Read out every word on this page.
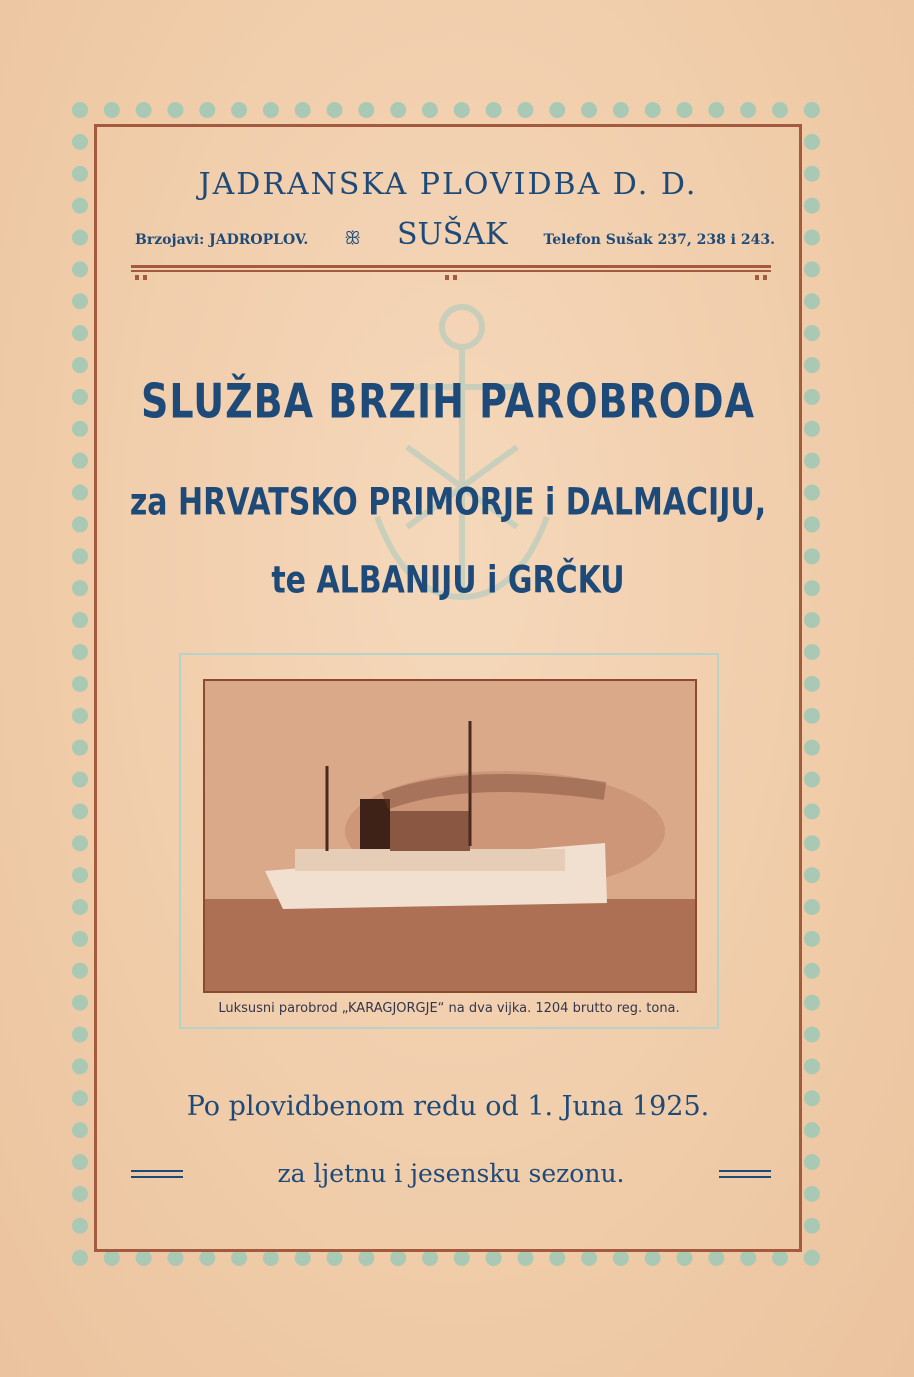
JADRANSKA PLOVIDBA D. D.
Brzojavi: JADROPLOV. ꕥ SUŠAK	Telefon Sušak 237, 238 i 243.
SLUŽBA BRZIH PAROBRODA
za HRVATSKO PRIMORJE i DALMACIJU,
te ALBANIJU i GRČKU
Luksusni parobrod „KARAGJORGJE“ na dva vijka. 1204 brutto reg. tona.
Po plovidbenom redu od 1. Juna 1925.
za ljetnu i jesensku sezonu.
